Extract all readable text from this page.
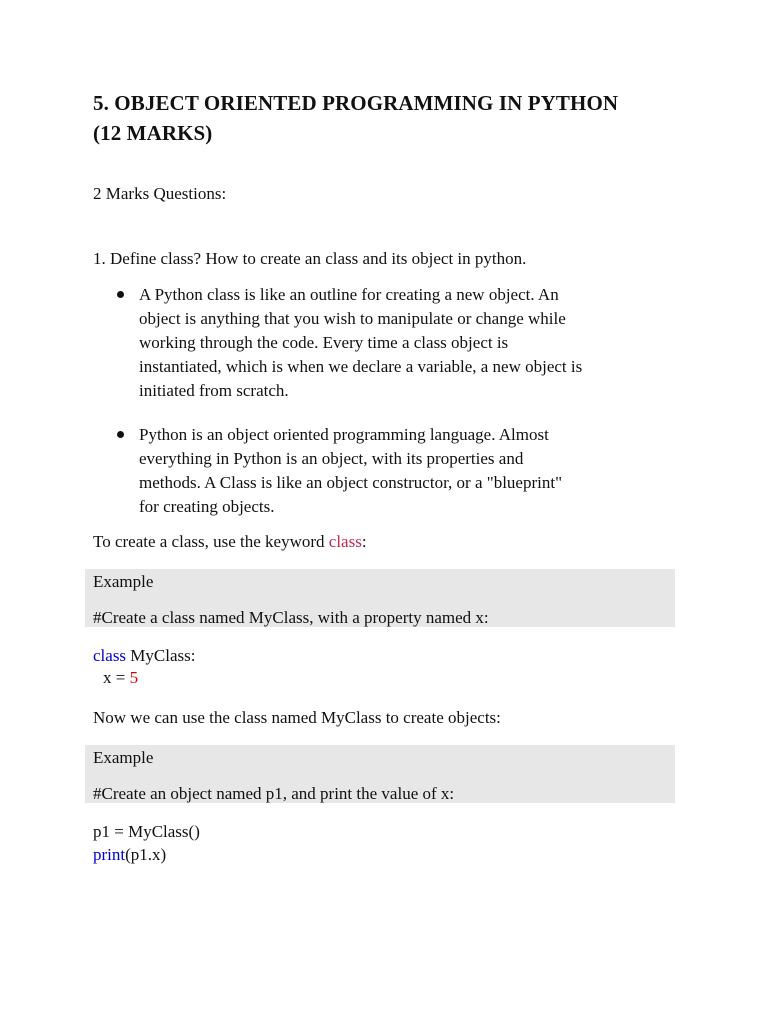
5. OBJECT ORIENTED PROGRAMMING IN PYTHON
(12 MARKS)
2 Marks Questions:
1. Define class? How to create an class and its object in python.
A Python class is like an outline for creating a new object. An
object is anything that you wish to manipulate or change while
working through the code. Every time a class object is
instantiated, which is when we declare a variable, a new object is
initiated from scratch.
Python is an object oriented programming language. Almost
everything in Python is an object, with its properties and
methods. A Class is like an object constructor, or a "blueprint"
for creating objects.
To create a class, use the keyword class:
Example
#Create a class named MyClass, with a property named x:
class MyClass:
x = 5
Now we can use the class named MyClass to create objects:
Example
#Create an object named p1, and print the value of x:
p1 = MyClass()
print(p1.x)
